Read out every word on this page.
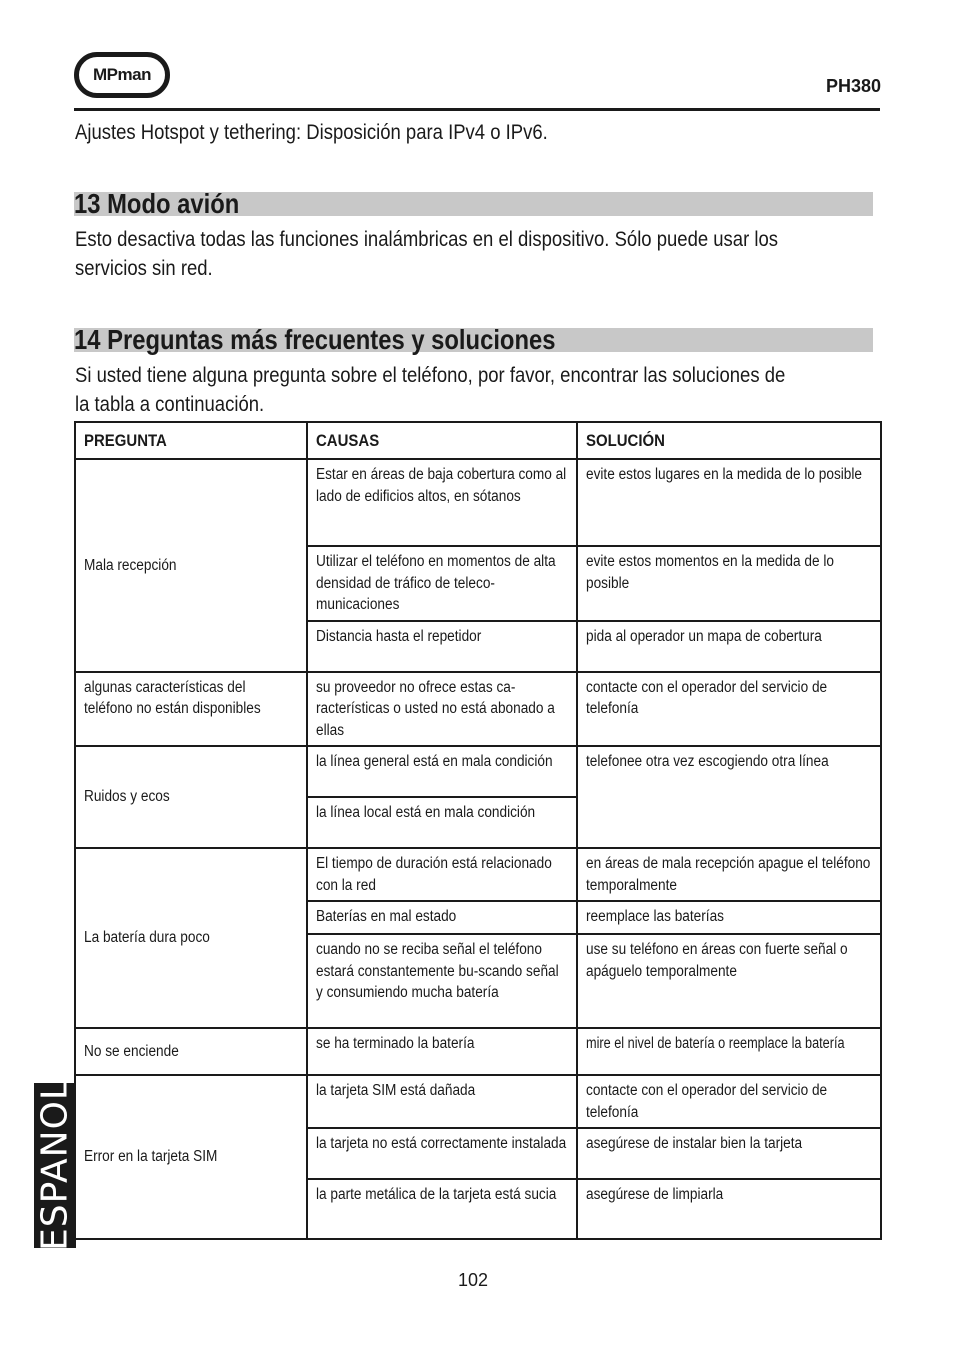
MPman
PH380
Ajustes Hotspot y tethering: Disposición para IPv4 o IPv6.
13 Modo avión
Esto desactiva todas las funciones inalámbricas en el dispositivo. Sólo puede usar los
servicios sin red.
14 Preguntas más frecuentes y soluciones
Si usted tiene alguna pregunta sobre el teléfono, por favor, encontrar las soluciones de
la tabla a continuación.
PREGUNTA	CAUSAS	SOLUCIÓN
Mala recepción	Estar en áreas de baja cobertura como al lado de edificios altos, en sótanos	evite estos lugares en la medida de lo posible
	Utilizar el teléfono en momentos de alta densidad de tráfico de teleco-municaciones	evite estos momentos en la medida de lo posible
	Distancia hasta el repetidor	pida al operador un mapa de cobertura
algunas características del teléfono no están disponibles	su proveedor no ofrece estas ca-racterísticas o usted no está abonado a ellas	contacte con el operador del servicio de telefonía
Ruidos y ecos	la línea general está en mala condición	telefonee otra vez escogiendo otra línea
	la línea local está en mala condición	
La batería dura poco	El tiempo de duración está relacionado con la red	en áreas de mala recepción apague el teléfono temporalmente
	Baterías en mal estado	reemplace las baterías
	cuando no se reciba señal el teléfono estará constantemente bu-scando señal y consumiendo mucha batería	use su teléfono en áreas con fuerte señal o apáguelo temporalmente
No se enciende	se ha terminado la batería	mire el nivel de batería o reemplace la batería
Error en la tarjeta SIM	la tarjeta SIM está dañada	contacte con el operador del servicio de telefonía
	la tarjeta no está correctamente instalada	asegúrese de instalar bien la tarjeta
	la parte metálica de la tarjeta está sucia	asegúrese de limpiarla
ESPANOL
102
